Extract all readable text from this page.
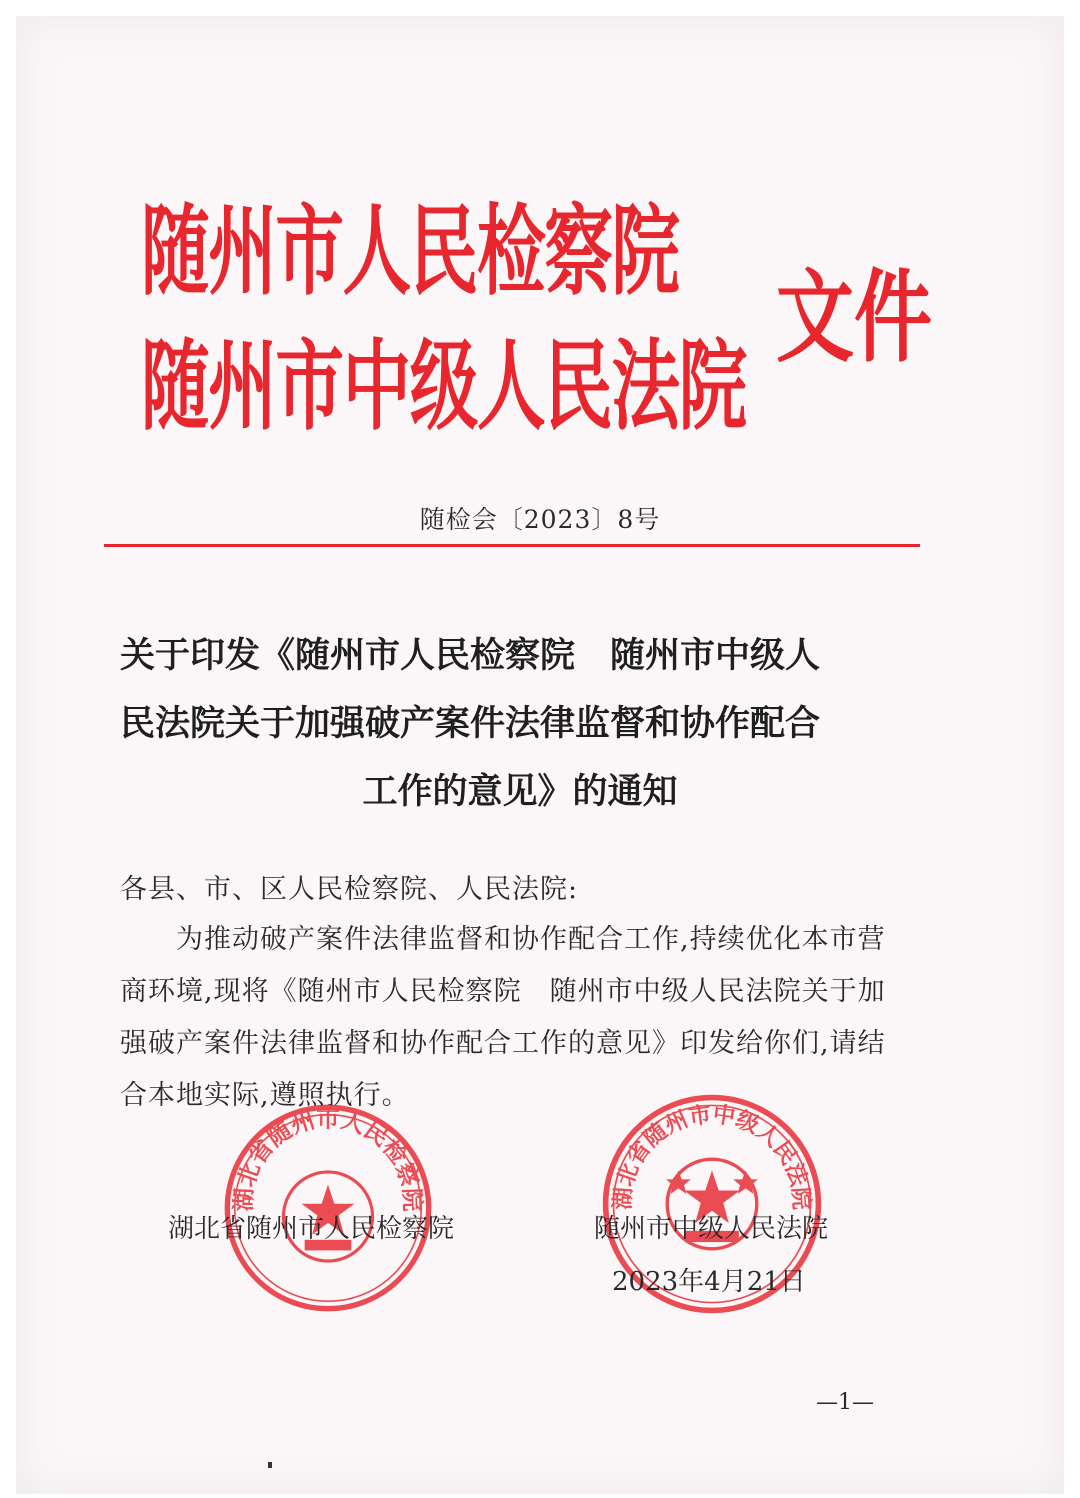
随州市人民检察院
随州市中级人民法院
文件
随检会〔2023〕8号
关于印发《随州市人民检察院　随州市中级人
民法院关于加强破产案件法律监督和协作配合
工作的意见》的通知
各县、市、区人民检察院、人民法院:
为推动破产案件法律监督和协作配合工作,持续优化本市营
商环境,现将《随州市人民检察院　随州市中级人民法院关于加
强破产案件法律监督和协作配合工作的意见》印发给你们,请结
合本地实际,遵照执行。
湖北省随州市人民检察院	湖北省随州市中级人民法院
湖北省随州市人民检察院	随州市中级人民法院
2023年4月21日
—1—
